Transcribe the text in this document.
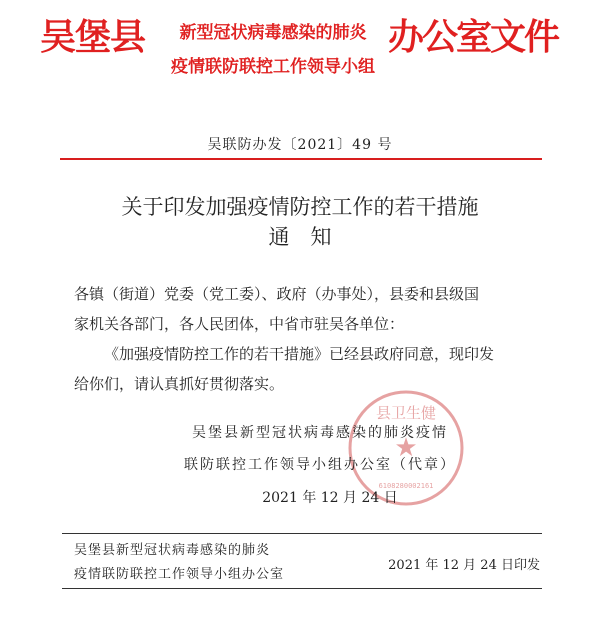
吴堡县	新型冠状病毒感染的肺炎
疫情联防联控工作领导小组
办公室文件
吴联防办发〔2021〕49 号
关于印发加强疫情防控工作的若干措施
通　知
各镇（街道）党委（党工委）、政府（办事处），县委和县级国
家机关各部门，各人民团体，中省市驻吴各单位：
《加强疫情防控工作的若干措施》已经县政府同意，现印发
给你们，请认真抓好贯彻落实。
★
县卫生健
6108280002161
吴堡县新型冠状病毒感染的肺炎疫情
联防联控工作领导小组办公室（代章）
2021 年 12 月 24 日
吴堡县新型冠状病毒感染的肺炎
疫情联防联控工作领导小组办公室
2021 年 12 月 24 日印发
